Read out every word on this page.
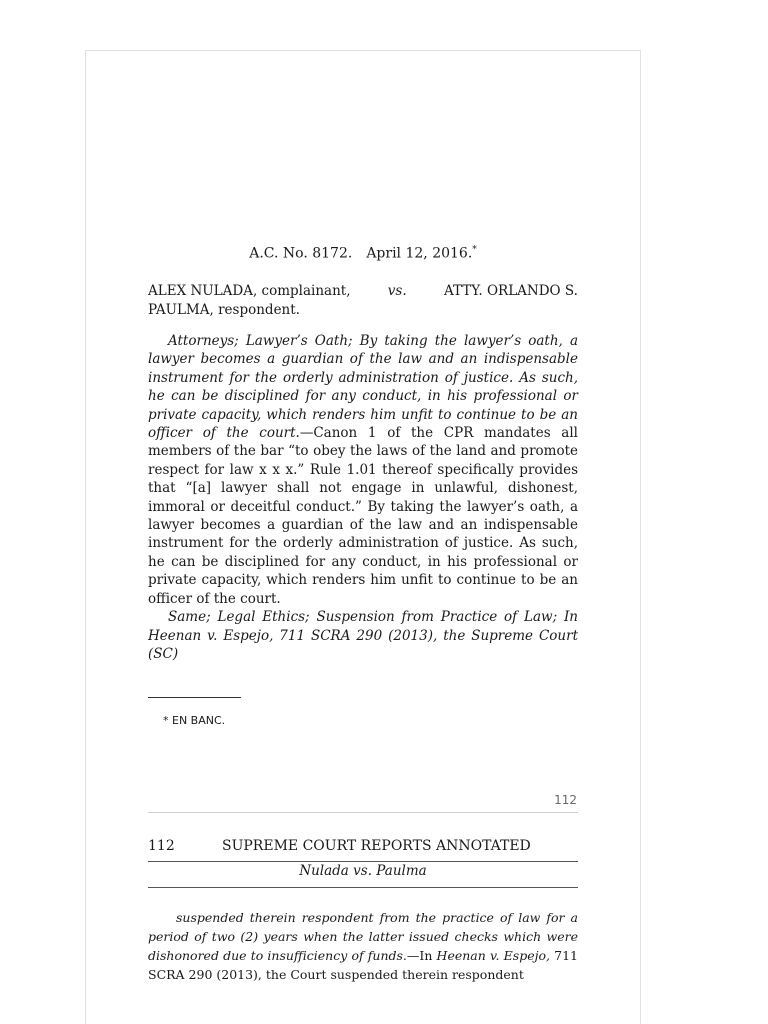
A.C. No. 8172. April 12, 2016.*
ALEX NULADA, complainant,	vs.	ATTY. ORLANDO S.
PAULMA, respondent.

Attorneys; Lawyer’s Oath; By taking the lawyer’s oath, a lawyer becomes a guardian of the law and an indispensable instrument for the orderly administration of justice. As such, he can be disciplined for any conduct, in his professional or private capacity, which renders him unfit to continue to be an officer of the court.—Canon 1 of the CPR mandates all members of the bar “to obey the laws of the land and promote respect for law x x x.” Rule 1.01 thereof specifically provides that “[a] lawyer shall not engage in unlawful, dishonest, immoral or deceitful conduct.” By taking the lawyer’s oath, a lawyer becomes a guardian of the law and an indispensable instrument for the orderly administration of justice. As such, he can be disciplined for any conduct, in his professional or private capacity, which renders him unfit to continue to be an officer of the court.

Same; Legal Ethics; Suspension from Practice of Law; In Heenan v. Espejo, 711 SCRA 290 (2013), the Supreme Court (SC)

* EN BANC.
112
112	SUPREME COURT REPORTS ANNOTATED
Nulada vs. Paulma

suspended therein respondent from the practice of law for a period of two (2) years when the latter issued checks which were dishonored due to insufficiency of funds.—In Heenan v. Espejo, 711 SCRA 290 (2013), the Court suspended therein respondent
